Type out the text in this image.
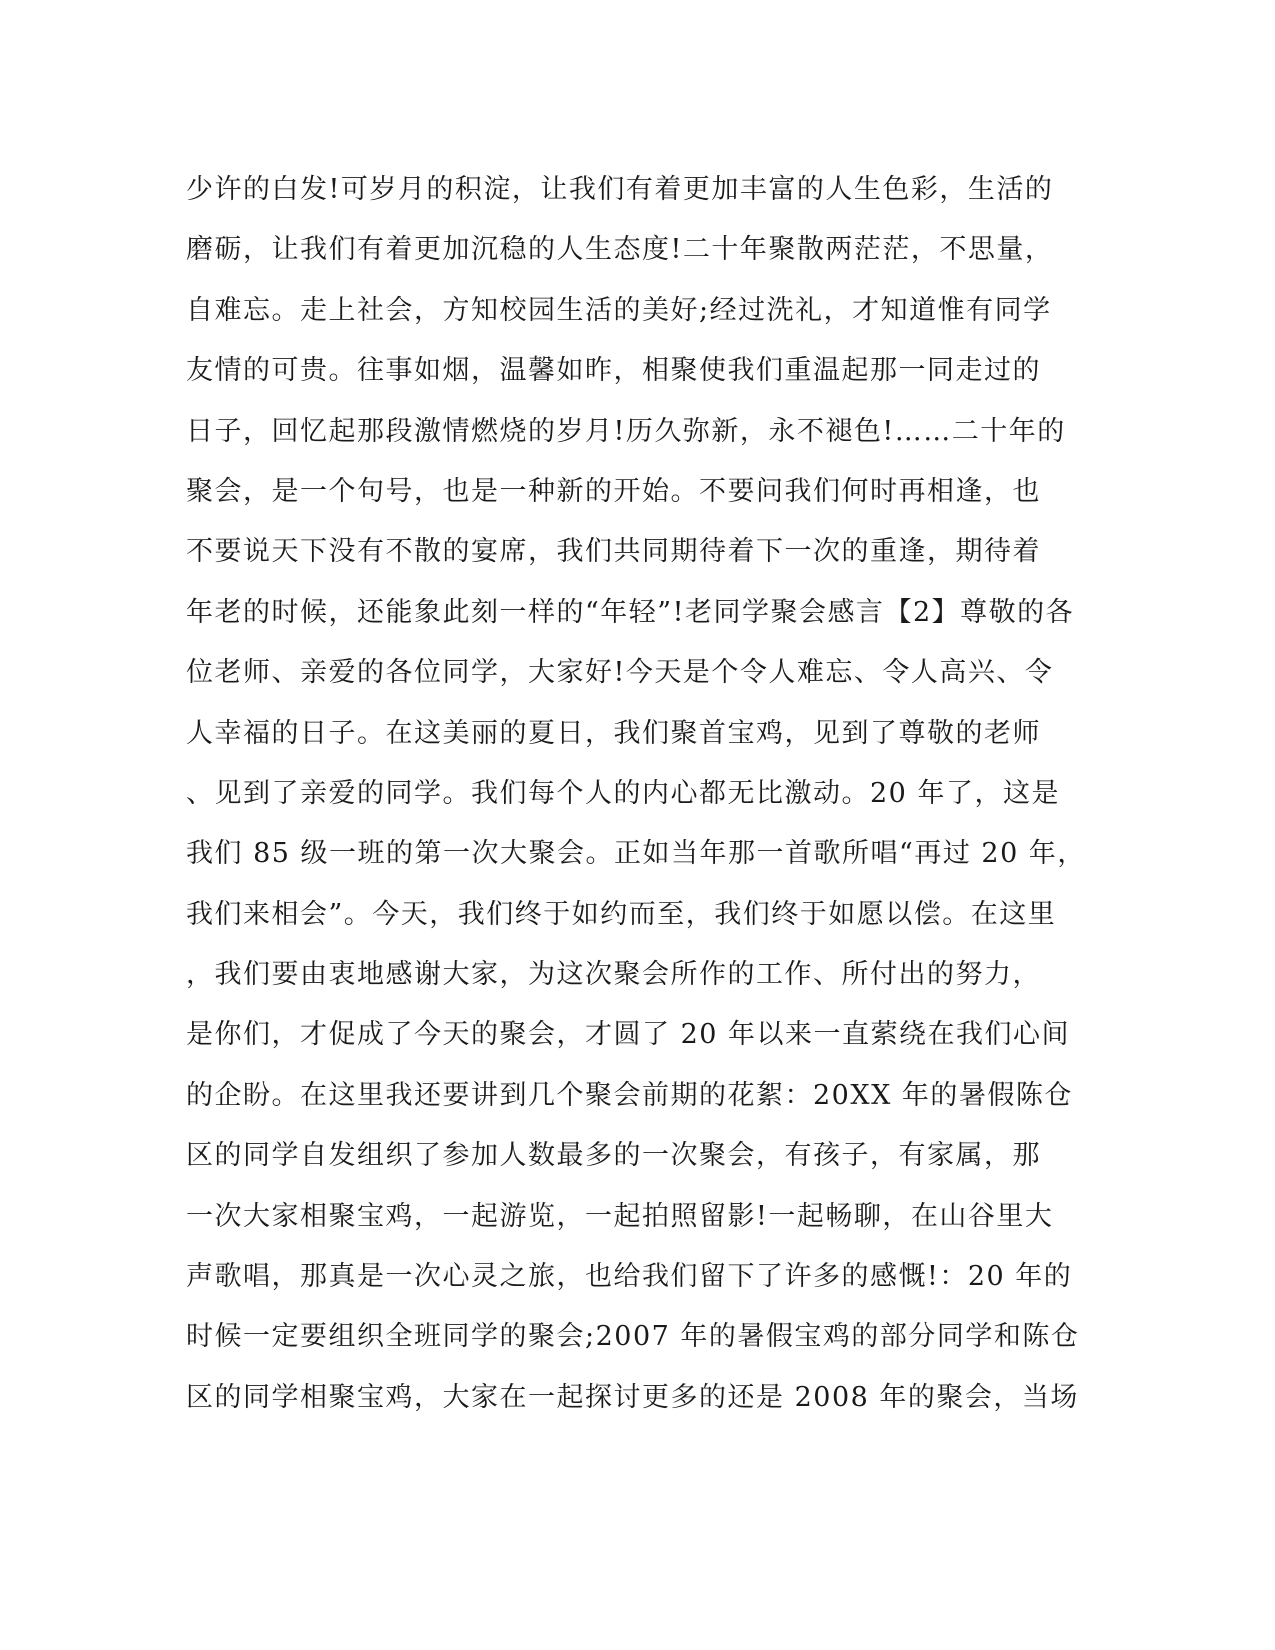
少许的白发!可岁月的积淀，让我们有着更加丰富的人生色彩，生活的
磨砺，让我们有着更加沉稳的人生态度!二十年聚散两茫茫，不思量，
自难忘。走上社会，方知校园生活的美好;经过洗礼，才知道惟有同学
友情的可贵。往事如烟，温馨如昨，相聚使我们重温起那一同走过的
日子，回忆起那段激情燃烧的岁月!历久弥新，永不褪色!……二十年的
聚会，是一个句号，也是一种新的开始。不要问我们何时再相逢，也
不要说天下没有不散的宴席，我们共同期待着下一次的重逢，期待着
年老的时候，还能象此刻一样的“年轻”!老同学聚会感言【2】尊敬的各
位老师、亲爱的各位同学，大家好!今天是个令人难忘、令人高兴、令
人幸福的日子。在这美丽的夏日，我们聚首宝鸡，见到了尊敬的老师
、见到了亲爱的同学。我们每个人的内心都无比激动。20 年了，这是
我们 85 级一班的第一次大聚会。正如当年那一首歌所唱“再过 20 年，
我们来相会”。今天，我们终于如约而至，我们终于如愿以偿。在这里
，我们要由衷地感谢大家，为这次聚会所作的工作、所付出的努力，
是你们，才促成了今天的聚会，才圆了 20 年以来一直萦绕在我们心间
的企盼。在这里我还要讲到几个聚会前期的花絮：20XX 年的暑假陈仓
区的同学自发组织了参加人数最多的一次聚会，有孩子，有家属，那
一次大家相聚宝鸡，一起游览，一起拍照留影!一起畅聊，在山谷里大
声歌唱，那真是一次心灵之旅，也给我们留下了许多的感慨!：20 年的
时候一定要组织全班同学的聚会;2007 年的暑假宝鸡的部分同学和陈仓
区的同学相聚宝鸡，大家在一起探讨更多的还是 2008 年的聚会，当场
